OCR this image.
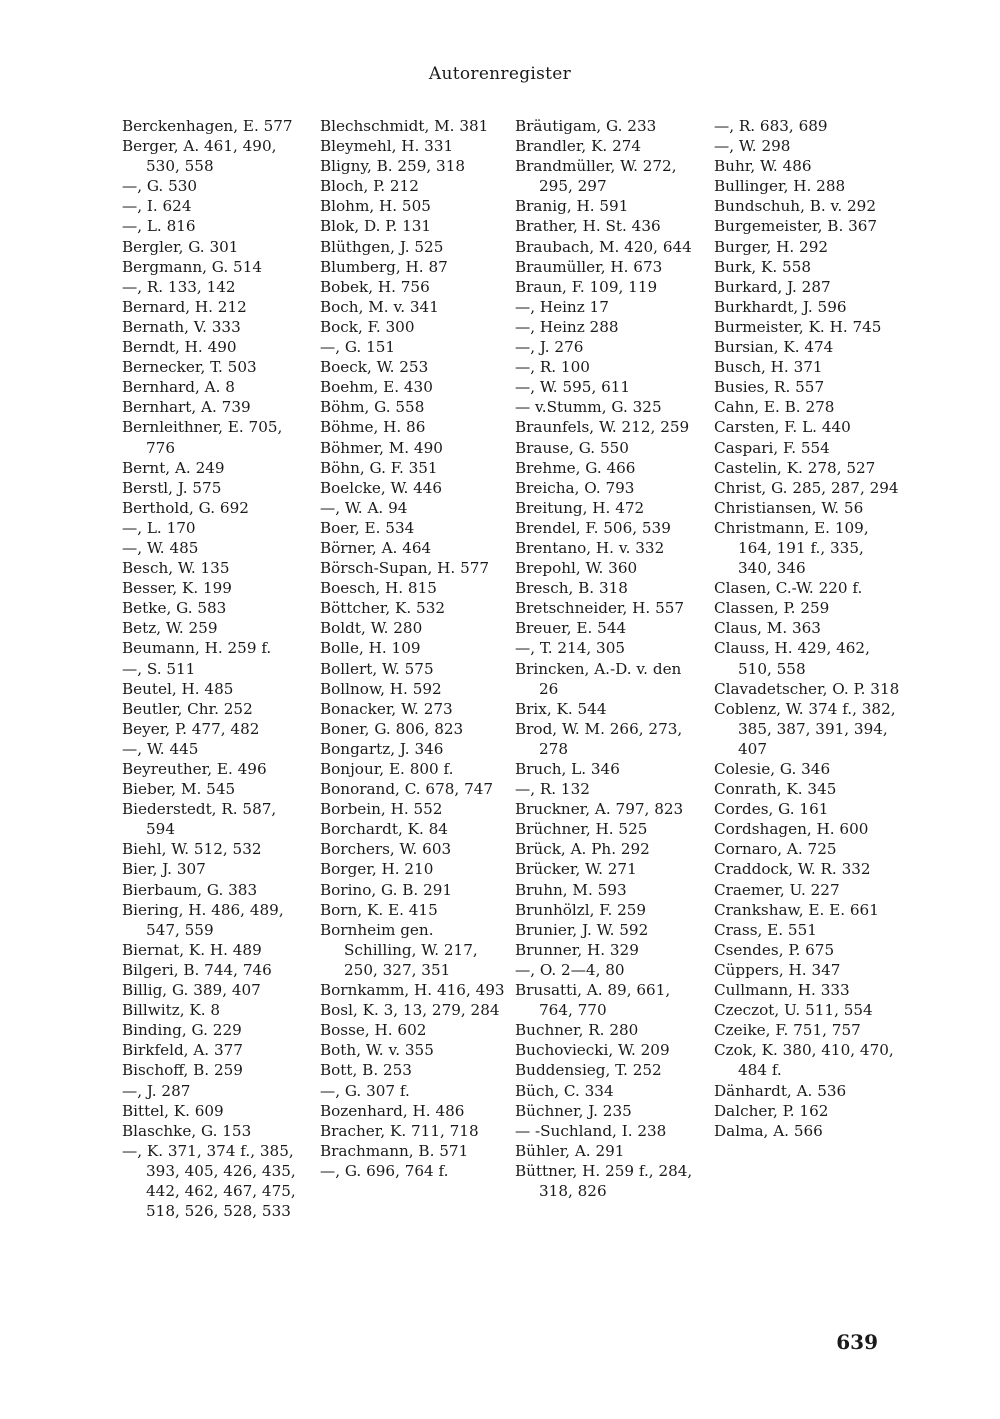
Autorenregister
Berckenhagen, E. 577
Berger, A. 461, 490, 530, 558
—, G. 530
—, I. 624
—, L. 816
Bergler, G. 301
Bergmann, G. 514
—, R. 133, 142
Bernard, H. 212
Bernath, V. 333
Berndt, H. 490
Bernecker, T. 503
Bernhard, A. 8
Bernhart, A. 739
Bernleithner, E. 705, 776
Bernt, A. 249
Berstl, J. 575
Berthold, G. 692
—, L. 170
—, W. 485
Besch, W. 135
Besser, K. 199
Betke, G. 583
Betz, W. 259
Beumann, H. 259 f.
—, S. 511
Beutel, H. 485
Beutler, Chr. 252
Beyer, P. 477, 482
—, W. 445
Beyreuther, E. 496
Bieber, M. 545
Biederstedt, R. 587, 594
Biehl, W. 512, 532
Bier, J. 307
Bierbaum, G. 383
Biering, H. 486, 489, 547, 559
Biernat, K. H. 489
Bilgeri, B. 744, 746
Billig, G. 389, 407
Billwitz, K. 8
Binding, G. 229
Birkfeld, A. 377
Bischoff, B. 259
—, J. 287
Bittel, K. 609
Blaschke, G. 153
—, K. 371, 374 f., 385, 393, 405, 426, 435, 442, 462, 467, 475, 518, 526, 528, 533
Blechschmidt, M. 381
Bleymehl, H. 331
Bligny, B. 259, 318
Bloch, P. 212
Blohm, H. 505
Blok, D. P. 131
Blüthgen, J. 525
Blumberg, H. 87
Bobek, H. 756
Boch, M. v. 341
Bock, F. 300
—, G. 151
Boeck, W. 253
Boehm, E. 430
Böhm, G. 558
Böhme, H. 86
Böhmer, M. 490
Böhn, G. F. 351
Boelcke, W. 446
—, W. A. 94
Boer, E. 534
Börner, A. 464
Börsch-Supan, H. 577
Boesch, H. 815
Böttcher, K. 532
Boldt, W. 280
Bolle, H. 109
Bollert, W. 575
Bollnow, H. 592
Bonacker, W. 273
Boner, G. 806, 823
Bongartz, J. 346
Bonjour, E. 800 f.
Bonorand, C. 678, 747
Borbein, H. 552
Borchardt, K. 84
Borchers, W. 603
Borger, H. 210
Borino, G. B. 291
Born, K. E. 415
Bornheim gen. Schilling, W. 217, 250, 327, 351
Bornkamm, H. 416, 493
Bosl, K. 3, 13, 279, 284
Bosse, H. 602
Both, W. v. 355
Bott, B. 253
—, G. 307 f.
Bozenhard, H. 486
Bracher, K. 711, 718
Brachmann, B. 571
—, G. 696, 764 f.
Bräutigam, G. 233
Brandler, K. 274
Brandmüller, W. 272, 295, 297
Branig, H. 591
Brather, H. St. 436
Braubach, M. 420, 644
Braumüller, H. 673
Braun, F. 109, 119
—, Heinz 17
—, Heinz 288
—, J. 276
—, R. 100
—, W. 595, 611
— v.Stumm, G. 325
Braunfels, W. 212, 259
Brause, G. 550
Brehme, G. 466
Breicha, O. 793
Breitung, H. 472
Brendel, F. 506, 539
Brentano, H. v. 332
Brepohl, W. 360
Bresch, B. 318
Bretschneider, H. 557
Breuer, E. 544
—, T. 214, 305
Brincken, A.-D. v. den 26
Brix, K. 544
Brod, W. M. 266, 273, 278
Bruch, L. 346
—, R. 132
Bruckner, A. 797, 823
Brüchner, H. 525
Brück, A. Ph. 292
Brücker, W. 271
Bruhn, M. 593
Brunhölzl, F. 259
Brunier, J. W. 592
Brunner, H. 329
—, O. 2—4, 80
Brusatti, A. 89, 661, 764, 770
Buchner, R. 280
Buchoviecki, W. 209
Buddensieg, T. 252
Büch, C. 334
Büchner, J. 235
— -Suchland, I. 238
Bühler, A. 291
Büttner, H. 259 f., 284, 318, 826
—, R. 683, 689
—, W. 298
Buhr, W. 486
Bullinger, H. 288
Bundschuh, B. v. 292
Burgemeister, B. 367
Burger, H. 292
Burk, K. 558
Burkard, J. 287
Burkhardt, J. 596
Burmeister, K. H. 745
Bursian, K. 474
Busch, H. 371
Busies, R. 557
Cahn, E. B. 278
Carsten, F. L. 440
Caspari, F. 554
Castelin, K. 278, 527
Christ, G. 285, 287, 294
Christiansen, W. 56
Christmann, E. 109, 164, 191 f., 335, 340, 346
Clasen, C.-W. 220 f.
Classen, P. 259
Claus, M. 363
Clauss, H. 429, 462, 510, 558
Clavadetscher, O. P. 318
Coblenz, W. 374 f., 382, 385, 387, 391, 394, 407
Colesie, G. 346
Conrath, K. 345
Cordes, G. 161
Cordshagen, H. 600
Cornaro, A. 725
Craddock, W. R. 332
Craemer, U. 227
Crankshaw, E. E. 661
Crass, E. 551
Csendes, P. 675
Cüppers, H. 347
Cullmann, H. 333
Czeczot, U. 511, 554
Czeike, F. 751, 757
Czok, K. 380, 410, 470, 484 f.
Dänhardt, A. 536
Dalcher, P. 162
Dalma, A. 566
639
